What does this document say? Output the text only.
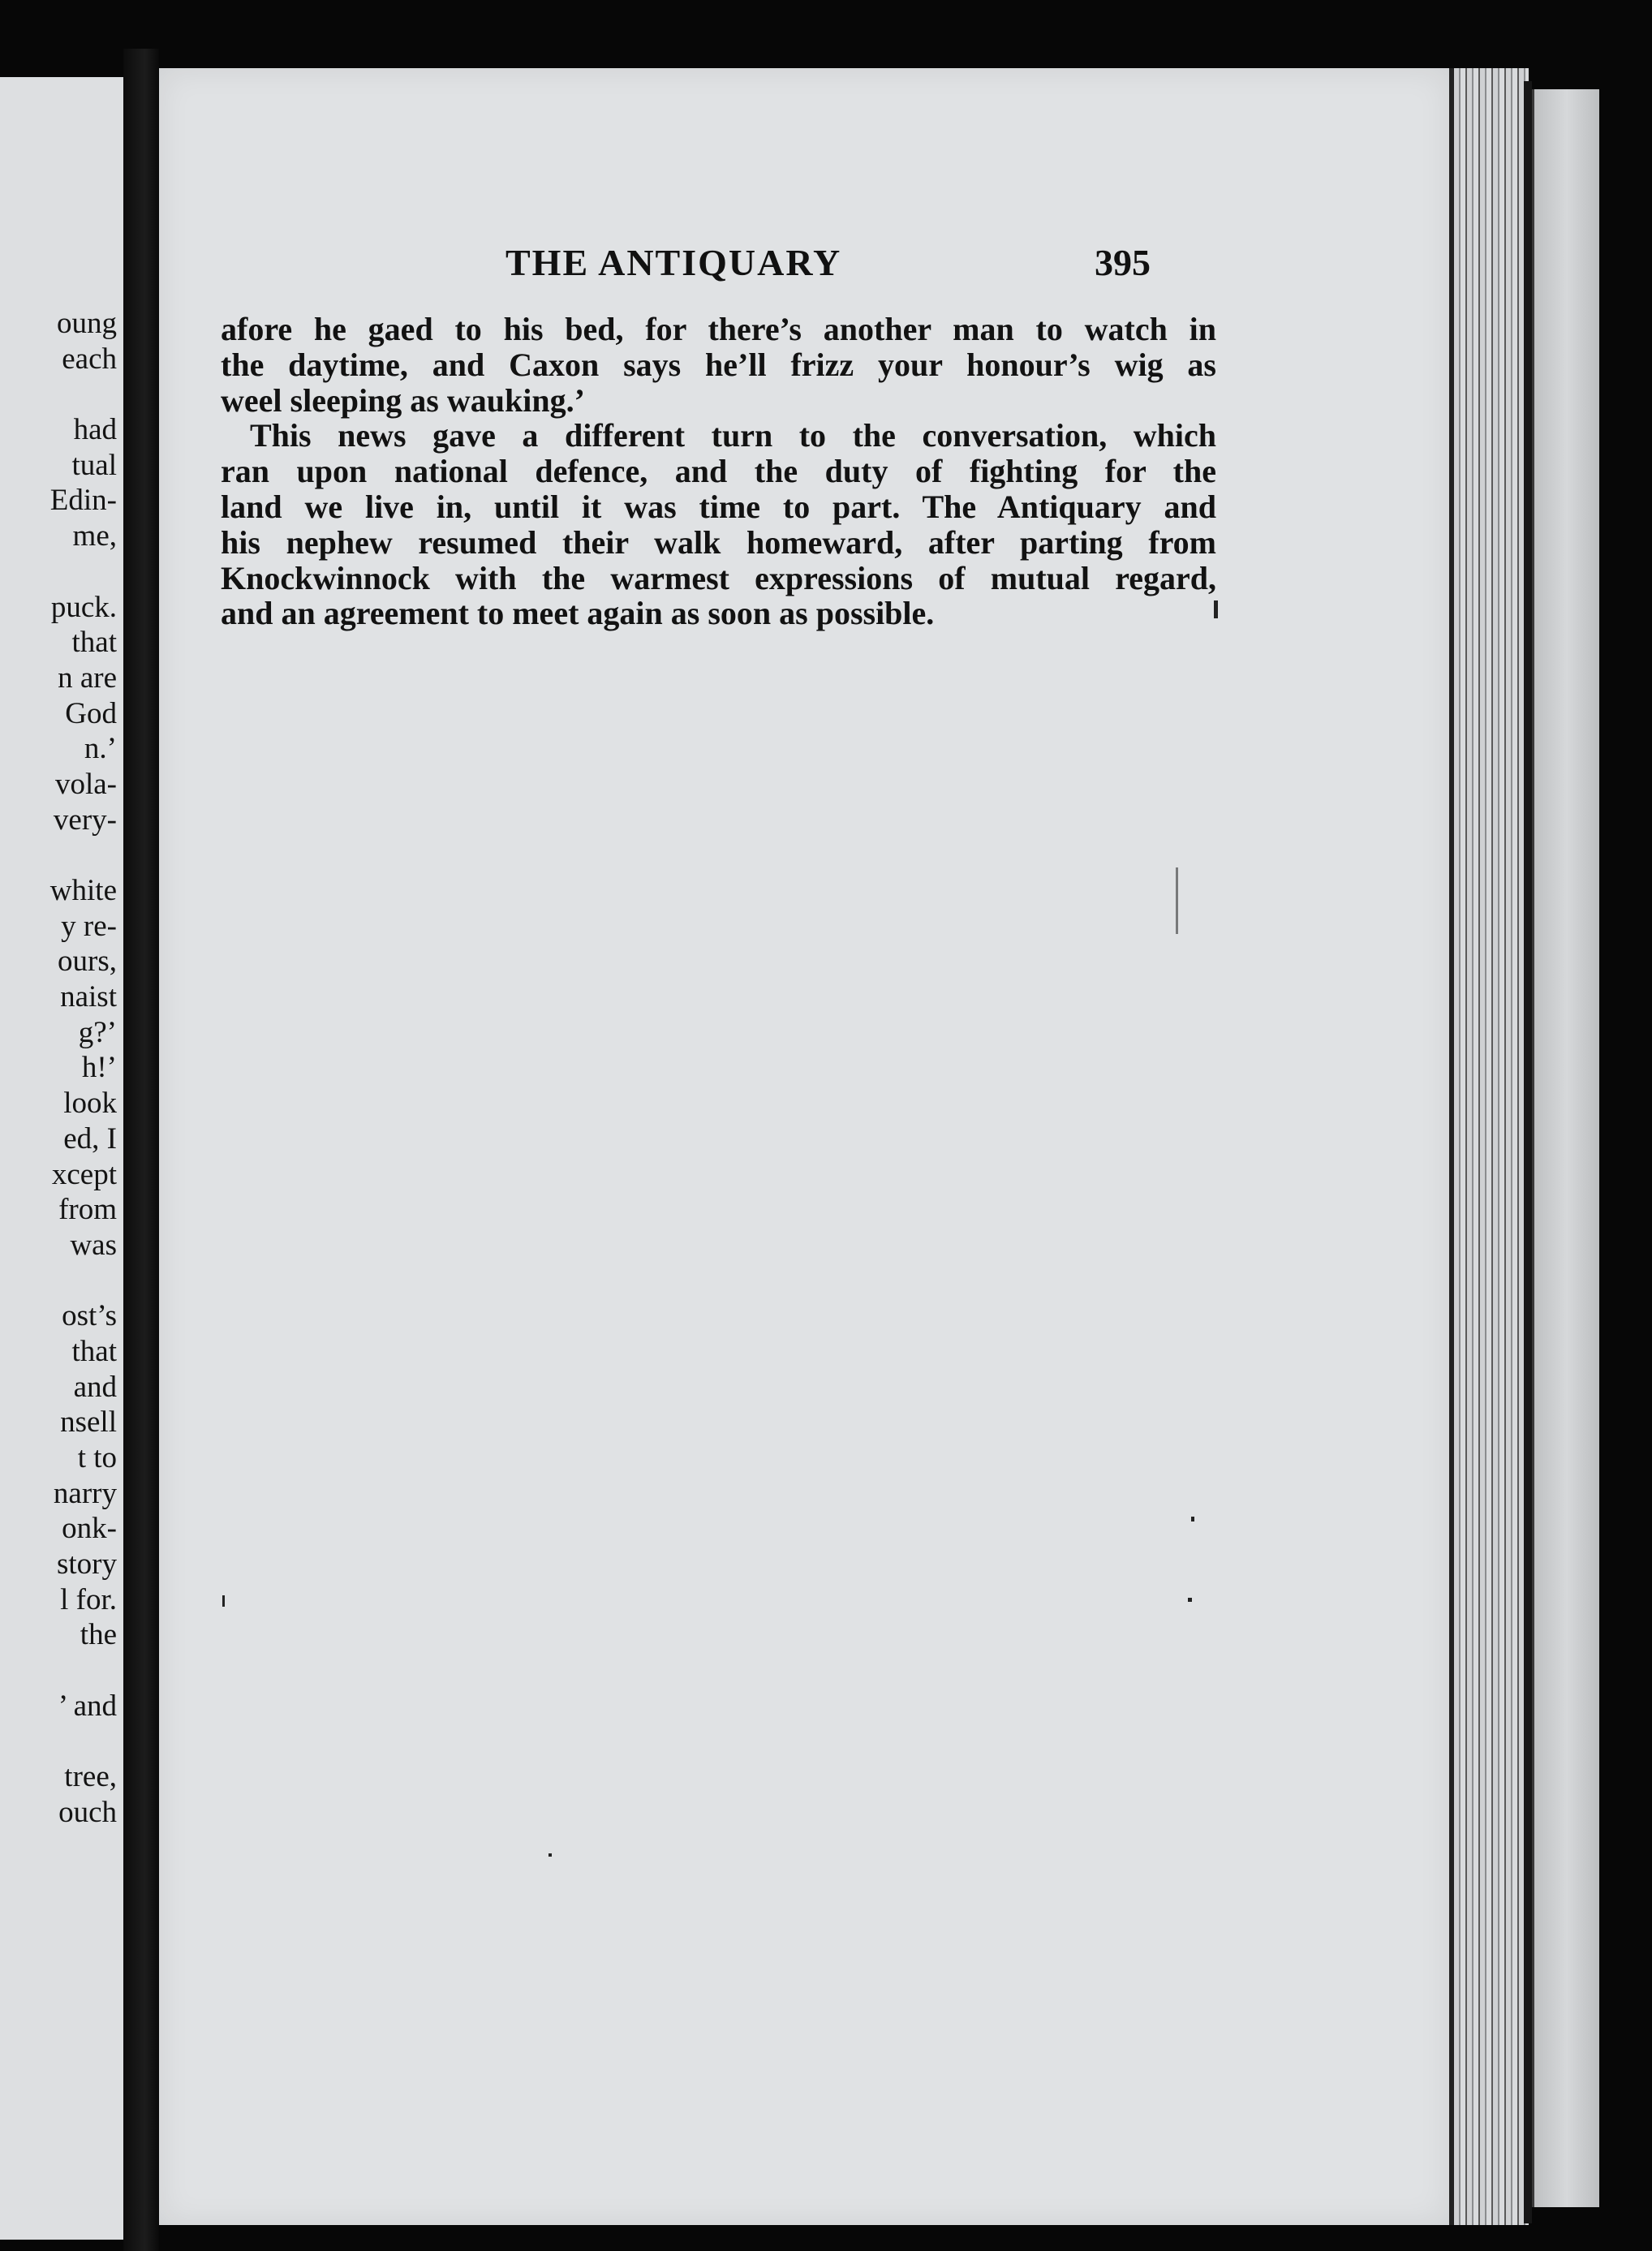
oung
each
had
tual
Edin-
me,
puck.
that
n are
God
n.’
vola-
very-
white
y re-
ours,
naist
g?’
h!’
look
ed, I
xcept
from
was
ost’s
that
and
nsell
t to
narry
onk-
story
l for.
the
’ and
tree,
ouch
THE ANTIQUARY	395
afore he gaed to his bed, for there’s another man to watch in
the daytime, and Caxon says he’ll frizz your honour’s wig as
weel sleeping as wauking.’
This news gave a different turn to the conversation, which
ran upon national defence, and the duty of fighting for the
land we live in, until it was time to part. The Antiquary and
his nephew resumed their walk homeward, after parting from
Knockwinnock with the warmest expressions of mutual regard,
and an agreement to meet again as soon as possible.
